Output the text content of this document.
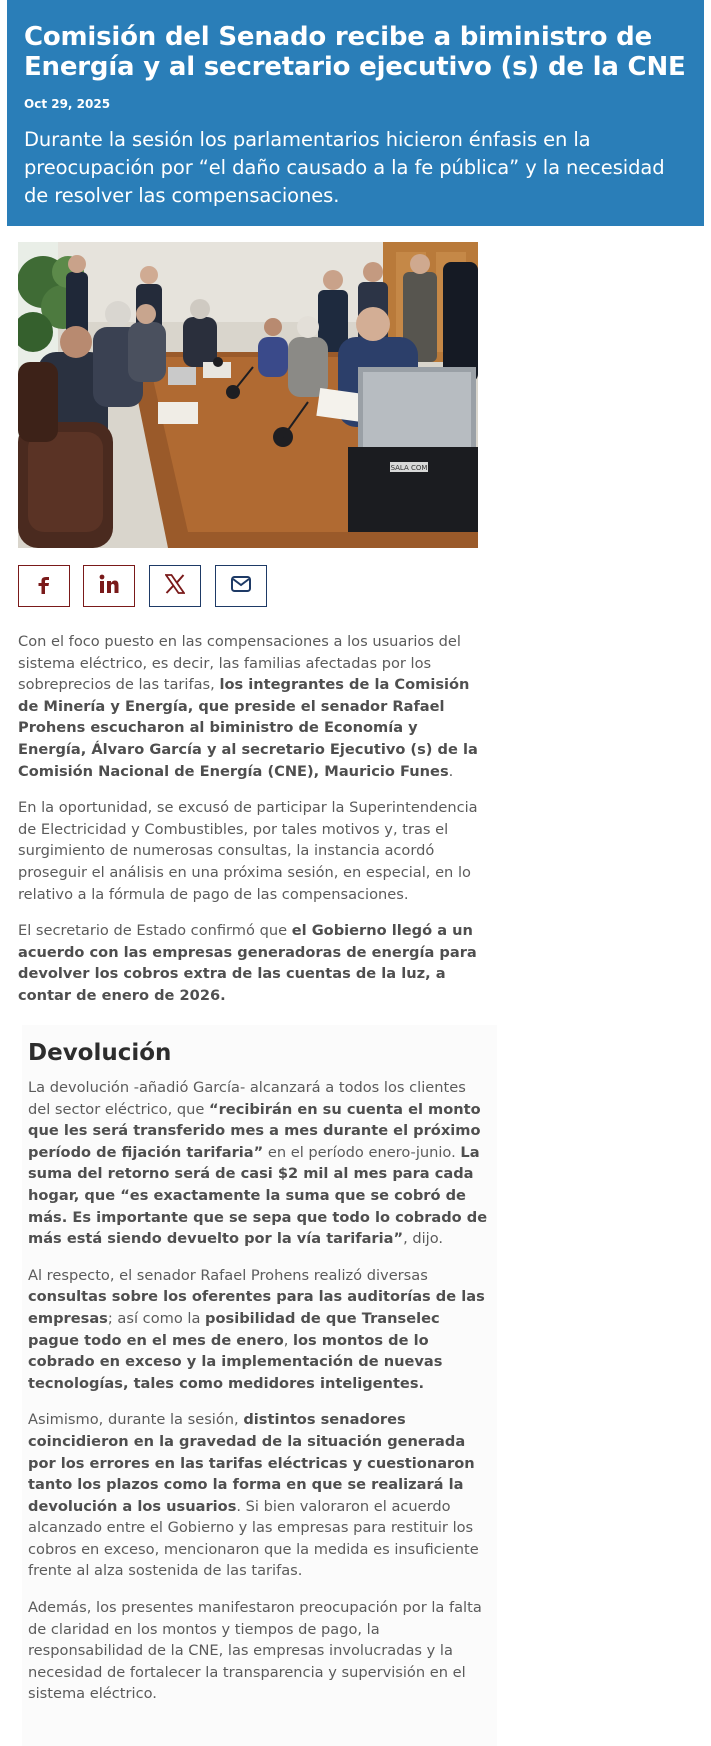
Comisión del Senado recibe a biministro de Energía y al secretario ejecutivo (s) de la CNE
Oct 29, 2025
Durante la sesión los parlamentarios hicieron énfasis en la preocupación por “el daño causado a la fe pública” y la necesidad de resolver las compensaciones.
SALA COM

Con el foco puesto en las compensaciones a los usuarios del sistema eléctrico, es decir, las familias afectadas por los sobreprecios de las tarifas, los integrantes de la Comisión de Minería y Energía, que preside el senador Rafael Prohens escucharon al biministro de Economía y Energía, Álvaro García y al secretario Ejecutivo (s) de la Comisión Nacional de Energía (CNE), Mauricio Funes.

En la oportunidad, se excusó de participar la Superintendencia de Electricidad y Combustibles, por tales motivos y, tras el surgimiento de numerosas consultas, la instancia acordó proseguir el análisis en una próxima sesión, en especial, en lo relativo a la fórmula de pago de las compensaciones.

El secretario de Estado confirmó que el Gobierno llegó a un acuerdo con las empresas generadoras de energía para devolver los cobros extra de las cuentas de la luz, a contar de enero de 2026.

Devolución

La devolución -añadió García- alcanzará a todos los clientes del sector eléctrico, que “recibirán en su cuenta el monto que les será transferido mes a mes durante el próximo período de fijación tarifaria” en el período enero-junio. La suma del retorno será de casi $2 mil al mes para cada hogar, que “es exactamente la suma que se cobró de más. Es importante que se sepa que todo lo cobrado de más está siendo devuelto por la vía tarifaria”, dijo.

Al respecto, el senador Rafael Prohens realizó diversas consultas sobre los oferentes para las auditorías de las empresas; así como la posibilidad de que Transelec pague todo en el mes de enero, los montos de lo cobrado en exceso y la implementación de nuevas tecnologías, tales como medidores inteligentes.

Asimismo, durante la sesión, distintos senadores coincidieron en la gravedad de la situación generada por los errores en las tarifas eléctricas y cuestionaron tanto los plazos como la forma en que se realizará la devolución a los usuarios. Si bien valoraron el acuerdo alcanzado entre el Gobierno y las empresas para restituir los cobros en exceso, mencionaron que la medida es insuficiente frente al alza sostenida de las tarifas.

Además, los presentes manifestaron preocupación por la falta de claridad en los montos y tiempos de pago, la responsabilidad de la CNE, las empresas involucradas y la necesidad de fortalecer la transparencia y supervisión en el sistema eléctrico.
